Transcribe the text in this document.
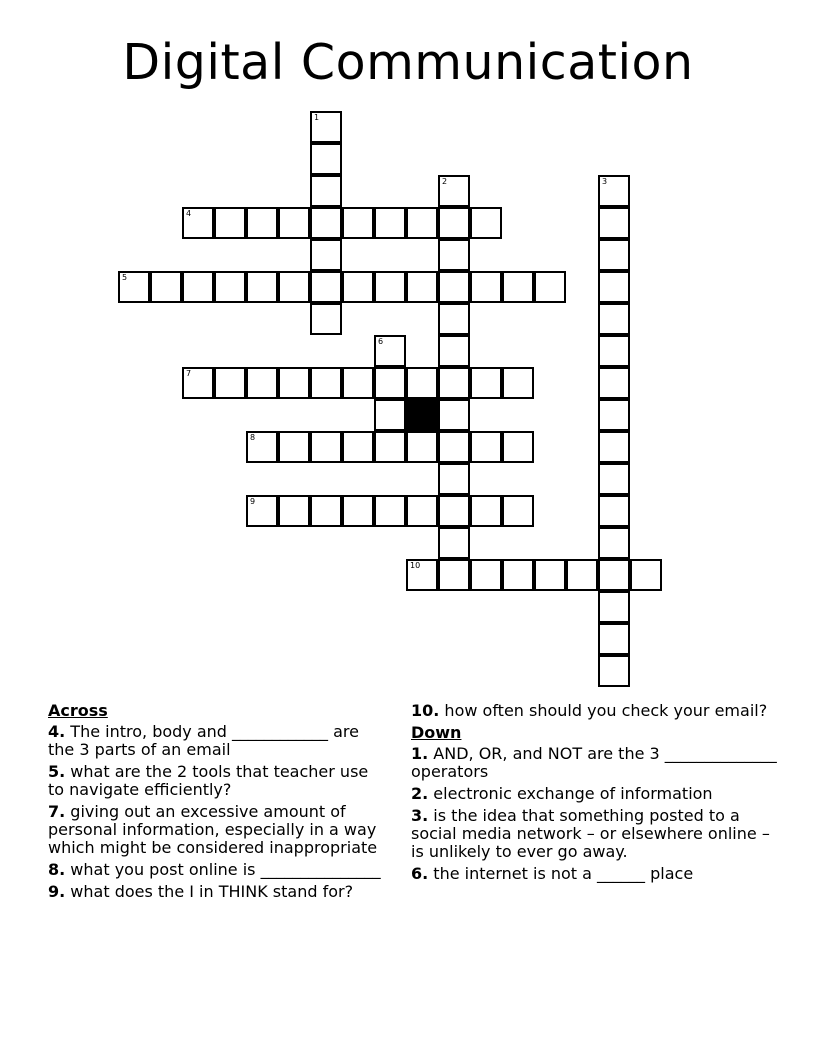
Digital Communication
4
5
7
8
9
10
1
2	3
6
Across
4. The intro, body and ____________ are the 3 parts of an email
5. what are the 2 tools that teacher use to navigate efficiently?
7. giving out an excessive amount of personal information, especially in a way which might be considered inappropriate
8. what you post online is _______________
9. what does the I in THINK stand for?
10. how often should you check your email?
Down
1. AND, OR, and NOT are the 3 ______________ operators
2. electronic exchange of information
3. is the idea that something posted to a social media network – or elsewhere online – is unlikely to ever go away.
6. the internet is not a ______ place
